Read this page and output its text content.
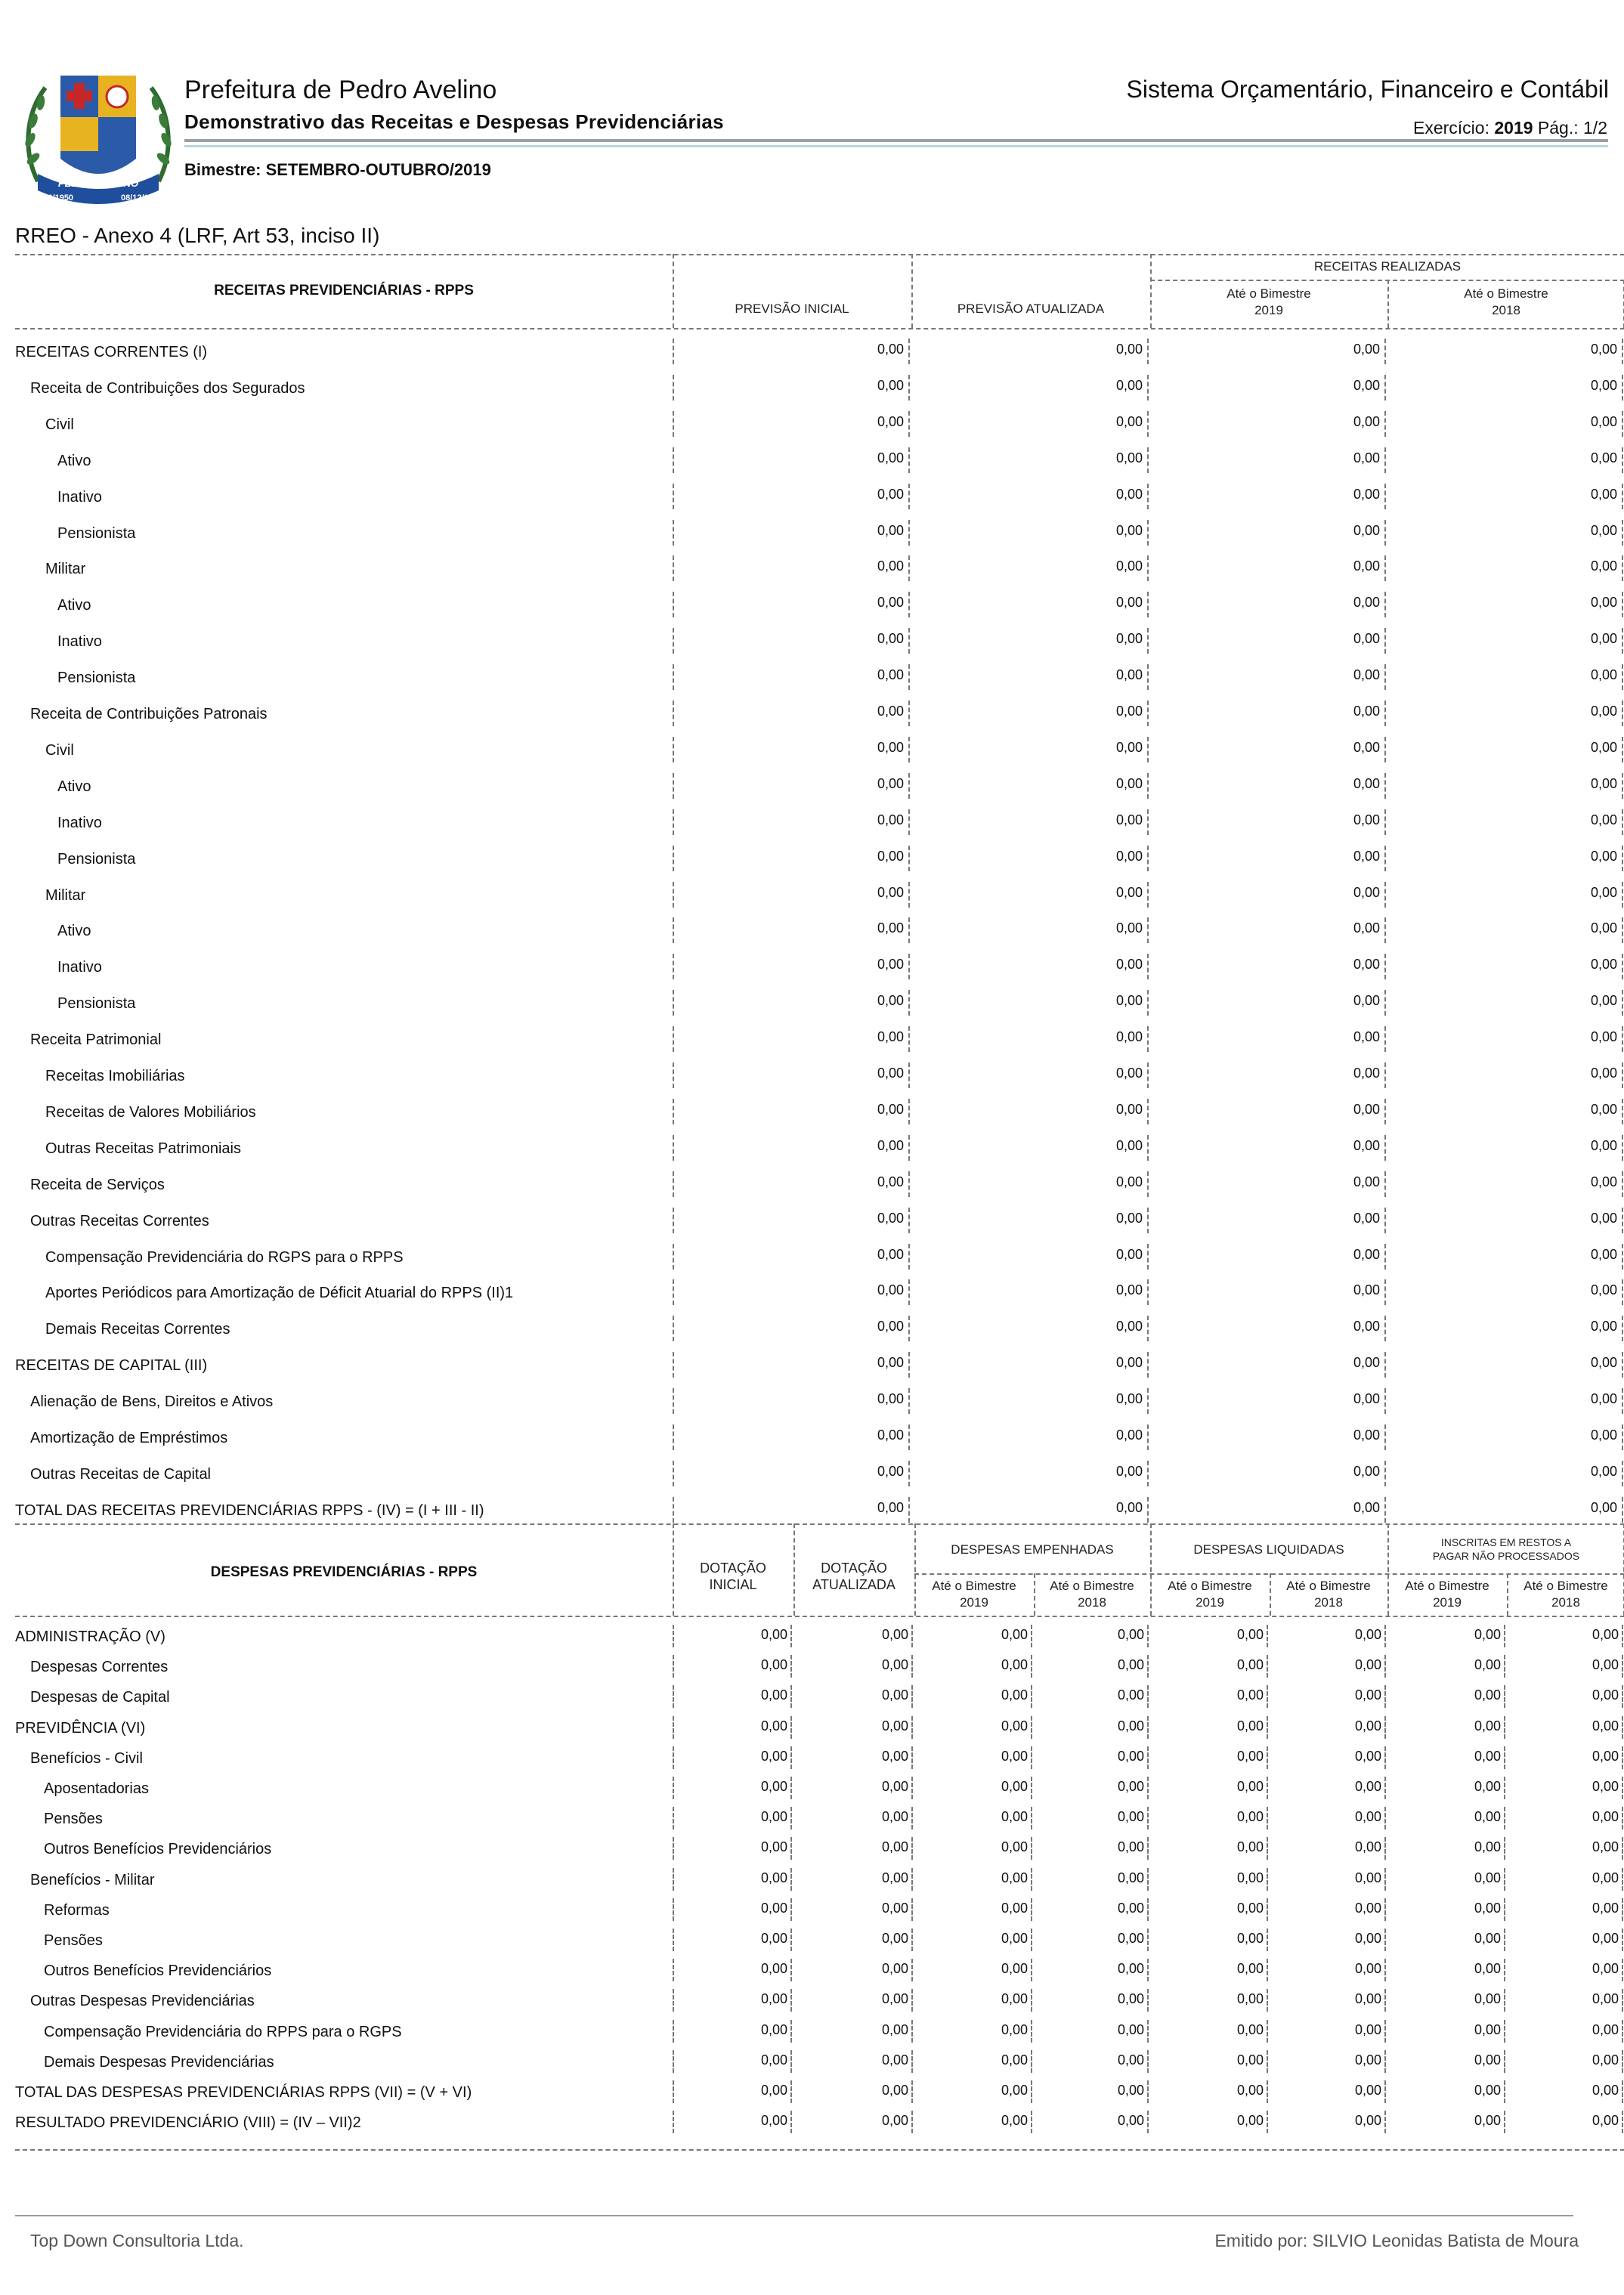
PEDRO AVELINO
24/10/1950	08/12/1950
Prefeitura de Pedro Avelino
Demonstrativo das Receitas e Despesas Previdenciárias
Bimestre: SETEMBRO-OUTUBRO/2019
Sistema Orçamentário, Financeiro e Contábil
Exercício: 2019 Pág.: 1/2
RREO - Anexo 4 (LRF, Art 53, inciso II)
RECEITAS PREVIDENCIÁRIAS - RPPS
PREVISÃO INICIAL	PREVISÃO ATUALIZADA
RECEITAS REALIZADAS
Até o Bimestre
2019
Até o Bimestre
2018
RECEITAS CORRENTES (I)	0,00	0,00	0,00	0,00
Receita de Contribuições dos Segurados	0,00	0,00	0,00	0,00
Civil	0,00	0,00	0,00	0,00
Ativo	0,00	0,00	0,00	0,00
Inativo	0,00	0,00	0,00	0,00
Pensionista	0,00	0,00	0,00	0,00
Militar	0,00	0,00	0,00	0,00
Ativo	0,00	0,00	0,00	0,00
Inativo	0,00	0,00	0,00	0,00
Pensionista	0,00	0,00	0,00	0,00
Receita de Contribuições Patronais	0,00	0,00	0,00	0,00
Civil	0,00	0,00	0,00	0,00
Ativo	0,00	0,00	0,00	0,00
Inativo	0,00	0,00	0,00	0,00
Pensionista	0,00	0,00	0,00	0,00
Militar	0,00	0,00	0,00	0,00
Ativo	0,00	0,00	0,00	0,00
Inativo	0,00	0,00	0,00	0,00
Pensionista	0,00	0,00	0,00	0,00
Receita Patrimonial	0,00	0,00	0,00	0,00
Receitas Imobiliárias	0,00	0,00	0,00	0,00
Receitas de Valores Mobiliários	0,00	0,00	0,00	0,00
Outras Receitas Patrimoniais	0,00	0,00	0,00	0,00
Receita de Serviços	0,00	0,00	0,00	0,00
Outras Receitas Correntes	0,00	0,00	0,00	0,00
Compensação Previdenciária do RGPS para o RPPS	0,00	0,00	0,00	0,00
Aportes Periódicos para Amortização de Déficit Atuarial do RPPS (II)1	0,00	0,00	0,00	0,00
Demais Receitas Correntes	0,00	0,00	0,00	0,00
RECEITAS DE CAPITAL (III)	0,00	0,00	0,00	0,00
Alienação de Bens, Direitos e Ativos	0,00	0,00	0,00	0,00
Amortização de Empréstimos	0,00	0,00	0,00	0,00
Outras Receitas de Capital	0,00	0,00	0,00	0,00
TOTAL DAS RECEITAS PREVIDENCIÁRIAS RPPS - (IV) = (I + III - II)	0,00	0,00	0,00	0,00
DESPESAS PREVIDENCIÁRIAS - RPPS	DOTAÇÃO
INICIAL
DOTAÇÃO
ATUALIZADA
DESPESAS EMPENHADAS	DESPESAS LIQUIDADAS	INSCRITAS EM RESTOS A
PAGAR NÃO PROCESSADOS
Até o Bimestre
2019
Até o Bimestre
2018
Até o Bimestre
2019
Até o Bimestre
2018
Até o Bimestre
2019
Até o Bimestre
2018
ADMINISTRAÇÃO (V)	0,00	0,00	0,00	0,00	0,00	0,00	0,00	0,00
Despesas Correntes	0,00	0,00	0,00	0,00	0,00	0,00	0,00	0,00
Despesas de Capital	0,00	0,00	0,00	0,00	0,00	0,00	0,00	0,00
PREVIDÊNCIA (VI)	0,00	0,00	0,00	0,00	0,00	0,00	0,00	0,00
Benefícios - Civil	0,00	0,00	0,00	0,00	0,00	0,00	0,00	0,00
Aposentadorias	0,00	0,00	0,00	0,00	0,00	0,00	0,00	0,00
Pensões	0,00	0,00	0,00	0,00	0,00	0,00	0,00	0,00
Outros Benefícios Previdenciários	0,00	0,00	0,00	0,00	0,00	0,00	0,00	0,00
Benefícios - Militar	0,00	0,00	0,00	0,00	0,00	0,00	0,00	0,00
Reformas	0,00	0,00	0,00	0,00	0,00	0,00	0,00	0,00
Pensões	0,00	0,00	0,00	0,00	0,00	0,00	0,00	0,00
Outros Benefícios Previdenciários	0,00	0,00	0,00	0,00	0,00	0,00	0,00	0,00
Outras Despesas Previdenciárias	0,00	0,00	0,00	0,00	0,00	0,00	0,00	0,00
Compensação Previdenciária do RPPS para o RGPS	0,00	0,00	0,00	0,00	0,00	0,00	0,00	0,00
Demais Despesas Previdenciárias	0,00	0,00	0,00	0,00	0,00	0,00	0,00	0,00
TOTAL DAS DESPESAS PREVIDENCIÁRIAS RPPS (VII) = (V + VI)	0,00	0,00	0,00	0,00	0,00	0,00	0,00	0,00
RESULTADO PREVIDENCIÁRIO (VIII) = (IV – VII)2	0,00	0,00	0,00	0,00	0,00	0,00	0,00	0,00
Top Down Consultoria Ltda.	Emitido por: SILVIO Leonidas Batista de Moura
